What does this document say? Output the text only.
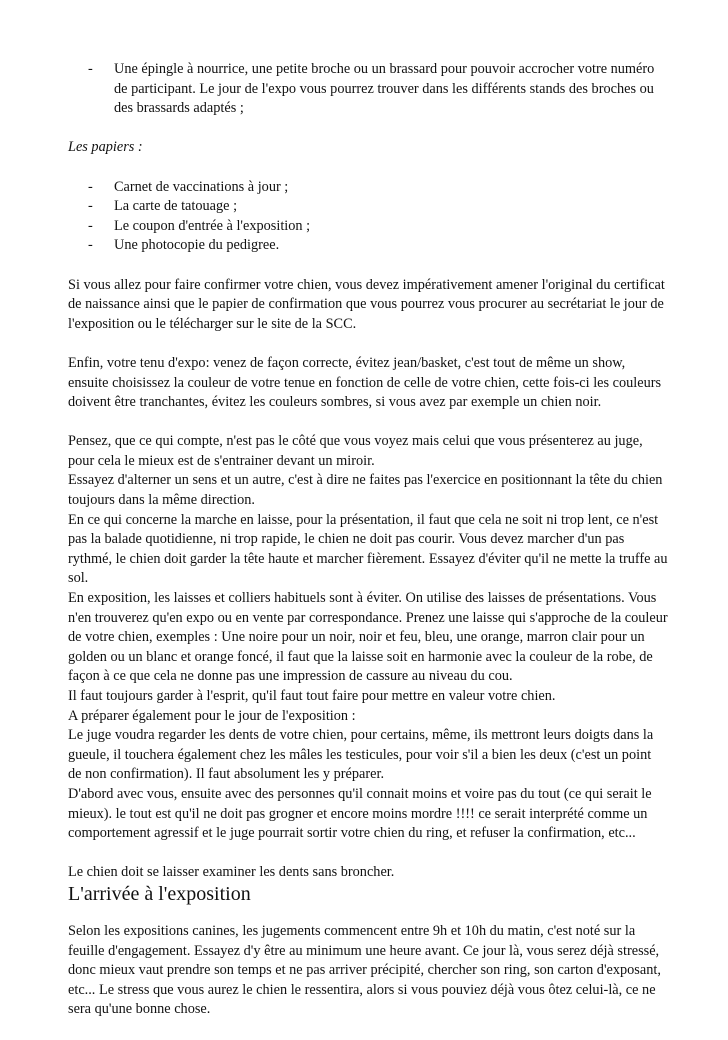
- Une épingle à nourrice, une petite broche ou un brassard pour pouvoir accrocher votre numéro de participant. Le jour de l'expo vous pourrez trouver dans les différents stands des broches ou des brassards adaptés ;

Les papiers :

- Carnet de vaccinations à jour ;
- La carte de tatouage ;
- Le coupon d'entrée à l'exposition ;
- Une photocopie du pedigree.

Si vous allez pour faire confirmer votre chien, vous devez impérativement amener l'original du certificat de naissance ainsi que le papier de confirmation que vous pourrez vous procurer au secrétariat le jour de l'exposition ou le télécharger sur le site de la SCC.

Enfin, votre tenu d'expo: venez de façon correcte, évitez jean/basket, c'est tout de même un show, ensuite choisissez la couleur de votre tenue en fonction de celle de votre chien, cette fois-ci les couleurs doivent être tranchantes, évitez les couleurs sombres, si vous avez par exemple un chien noir.

Pensez, que ce qui compte, n'est pas le côté que vous voyez mais celui que vous présenterez au juge, pour cela le mieux est de s'entrainer devant un miroir.

Essayez d'alterner un sens et un autre, c'est à dire ne faites pas l'exercice en positionnant la tête du chien toujours dans la même direction.

En ce qui concerne la marche en laisse, pour la présentation, il faut que cela ne soit ni trop lent, ce n'est pas la balade quotidienne, ni trop rapide, le chien ne doit pas courir. Vous devez marcher d'un pas rythmé, le chien doit garder la tête haute et marcher fièrement. Essayez d'éviter qu'il ne mette la truffe au sol.

En exposition, les laisses et colliers habituels sont à éviter. On utilise des laisses de présentations. Vous n'en trouverez qu'en expo ou en vente par correspondance. Prenez une laisse qui s'approche de la couleur de votre chien, exemples : Une noire pour un noir, noir et feu, bleu, une orange, marron clair pour un golden ou un blanc et orange foncé, il faut que la laisse soit en harmonie avec la couleur de la robe, de façon à ce que cela ne donne pas une impression de cassure au niveau du cou.

Il faut toujours garder à l'esprit, qu'il faut tout faire pour mettre en valeur votre chien.

A préparer également pour le jour de l'exposition :

Le juge voudra regarder les dents de votre chien, pour certains, même, ils mettront leurs doigts dans la gueule, il touchera également chez les mâles les testicules, pour voir s'il a bien les deux (c'est un point de non confirmation). Il faut absolument les y préparer.

D'abord avec vous, ensuite avec des personnes qu'il connait moins et voire pas du tout (ce qui serait le mieux). le tout est qu'il ne doit pas grogner et encore moins mordre !!!! ce serait interprété comme un comportement agressif et le juge pourrait sortir votre chien du ring, et refuser la confirmation, etc...

Le chien doit se laisser examiner les dents sans broncher.

L'arrivée à l'exposition

Selon les expositions canines, les jugements commencent entre 9h et 10h du matin, c'est noté sur la feuille d'engagement. Essayez d'y être au minimum une heure avant. Ce jour là, vous serez déjà stressé, donc mieux vaut prendre son temps et ne pas arriver précipité, chercher son ring, son carton d'exposant, etc... Le stress que vous aurez le chien le ressentira, alors si vous pouviez déjà vous ôtez celui-là, ce ne sera qu'une bonne chose.
